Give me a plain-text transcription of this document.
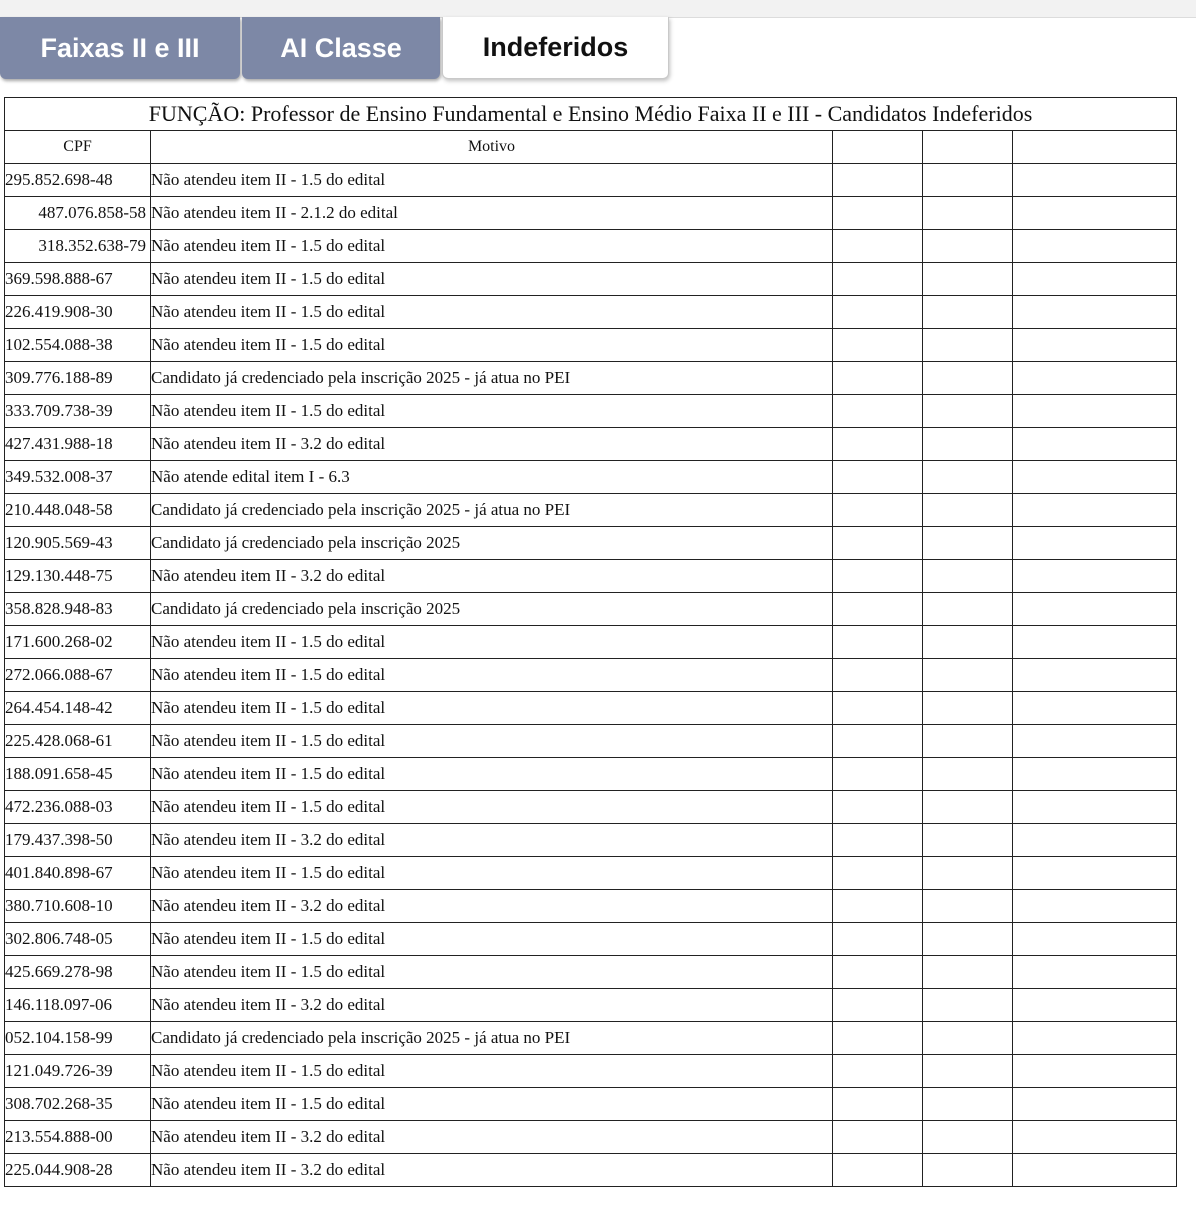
Faixas II e III	AI Classe	Indeferidos
FUNÇÃO: Professor de Ensino Fundamental e Ensino Médio Faixa II e III - Candidatos Indeferidos				
CPF	Motivo			
295.852.698-48	Não atendeu item II - 1.5 do edital			
487.076.858-58	Não atendeu item II - 2.1.2 do edital			
318.352.638-79	Não atendeu item II - 1.5 do edital			
369.598.888-67	Não atendeu item II - 1.5 do edital			
226.419.908-30	Não atendeu item II - 1.5 do edital			
102.554.088-38	Não atendeu item II - 1.5 do edital			
309.776.188-89	Candidato já credenciado pela inscrição 2025 - já atua no PEI			
333.709.738-39	Não atendeu item II - 1.5 do edital			
427.431.988-18	Não atendeu item II - 3.2 do edital			
349.532.008-37	Não atende edital item I - 6.3			
210.448.048-58	Candidato já credenciado pela inscrição 2025 - já atua no PEI			
120.905.569-43	Candidato já credenciado pela inscrição 2025			
129.130.448-75	Não atendeu item II - 3.2 do edital			
358.828.948-83	Candidato já credenciado pela inscrição 2025			
171.600.268-02	Não atendeu item II - 1.5 do edital			
272.066.088-67	Não atendeu item II - 1.5 do edital			
264.454.148-42	Não atendeu item II - 1.5 do edital			
225.428.068-61	Não atendeu item II - 1.5 do edital			
188.091.658-45	Não atendeu item II - 1.5 do edital			
472.236.088-03	Não atendeu item II - 1.5 do edital			
179.437.398-50	Não atendeu item II - 3.2 do edital			
401.840.898-67	Não atendeu item II - 1.5 do edital			
380.710.608-10	Não atendeu item II - 3.2 do edital			
302.806.748-05	Não atendeu item II - 1.5 do edital			
425.669.278-98	Não atendeu item II - 1.5 do edital			
146.118.097-06	Não atendeu item II - 3.2 do edital			
052.104.158-99	Candidato já credenciado pela inscrição 2025 - já atua no PEI			
121.049.726-39	Não atendeu item II - 1.5 do edital			
308.702.268-35	Não atendeu item II - 1.5 do edital			
213.554.888-00	Não atendeu item II - 3.2 do edital			
225.044.908-28	Não atendeu item II - 3.2 do edital			
